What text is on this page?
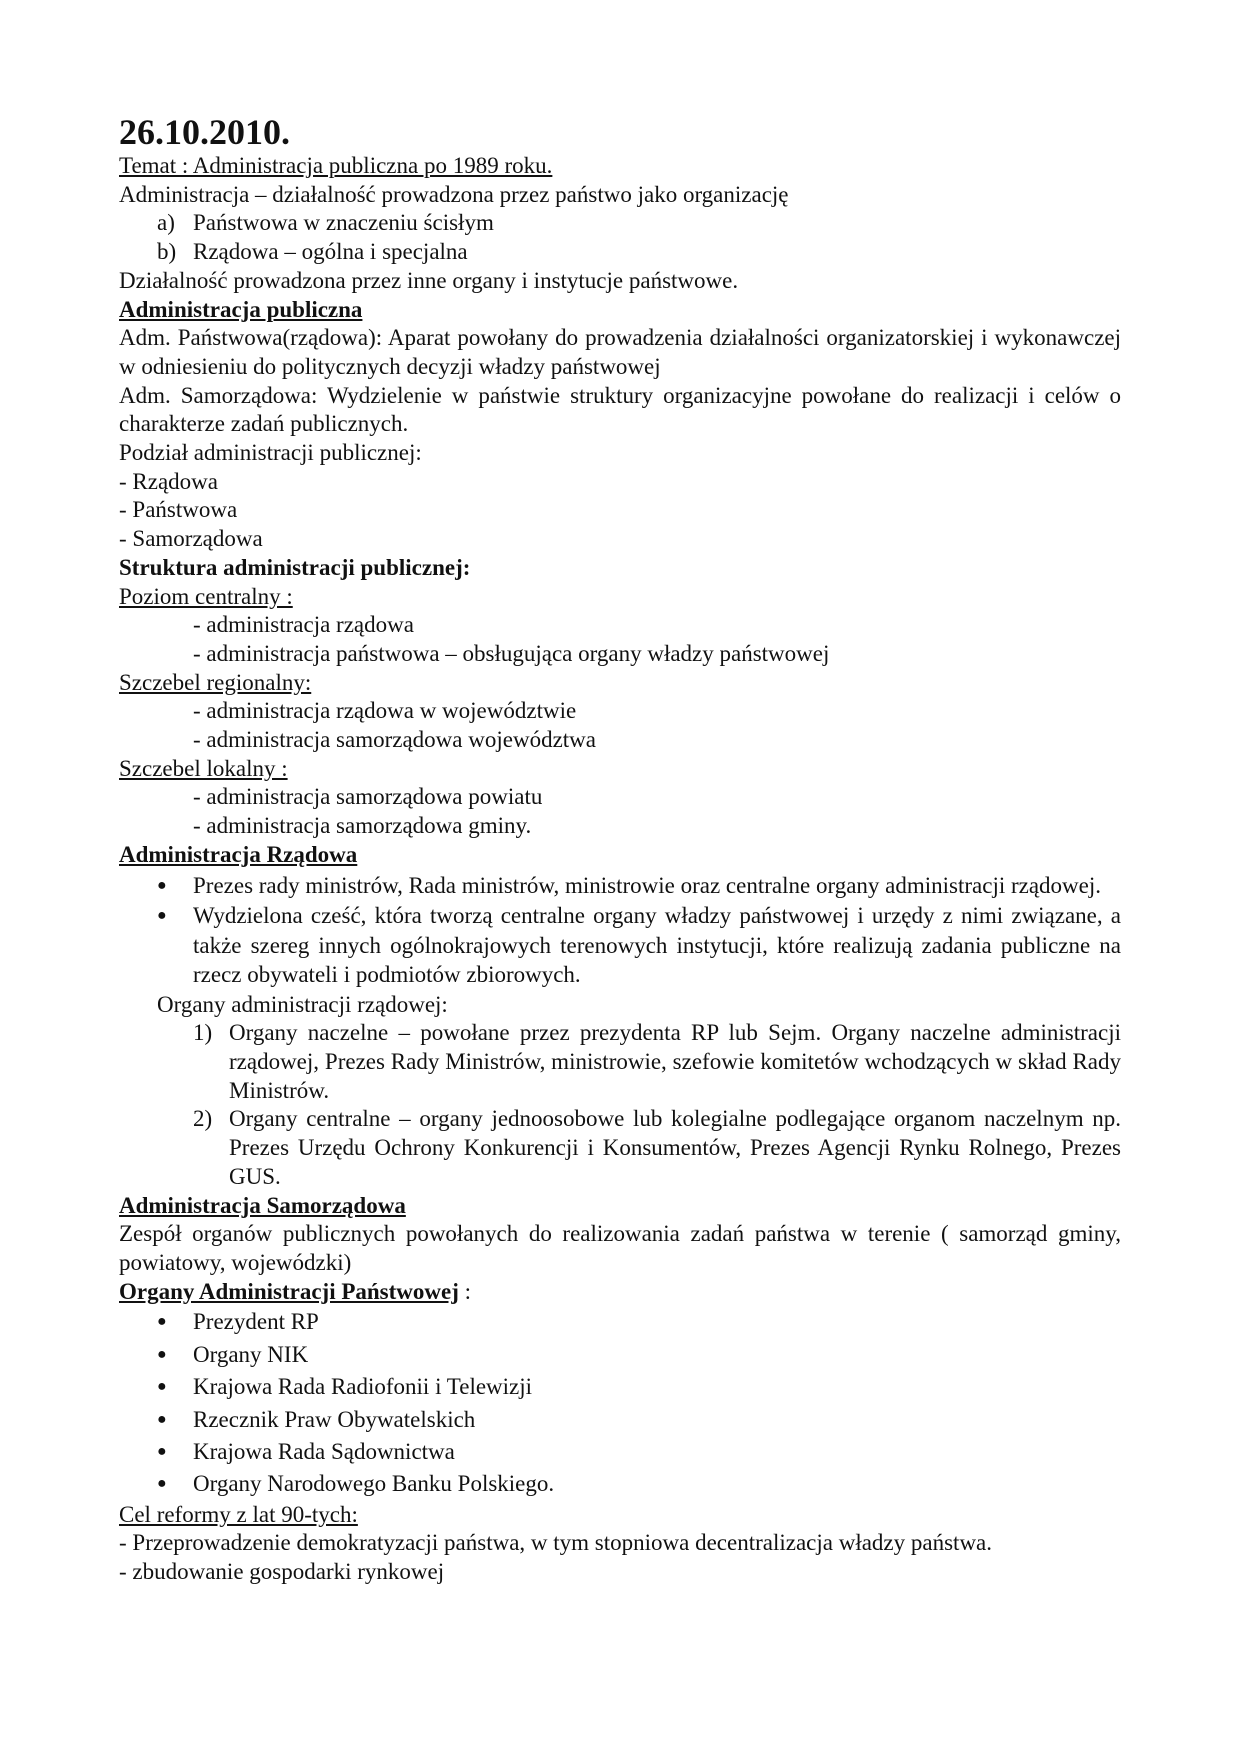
26.10.2010.
Temat : Administracja publiczna po 1989 roku.
Administracja – działalność prowadzona przez państwo jako organizację
a) Państwowa w znaczeniu ścisłym
b) Rządowa – ogólna i specjalna
Działalność prowadzona przez inne organy i instytucje państwowe.
Administracja publiczna
Adm. Państwowa(rządowa): Aparat powołany do prowadzenia działalności organizatorskiej i wykonawczej w odniesieniu do politycznych decyzji władzy państwowej
Adm. Samorządowa: Wydzielenie w państwie struktury organizacyjne powołane do realizacji i celów o charakterze zadań publicznych.
Podział administracji publicznej:
- Rządowa
- Państwowa
- Samorządowa
Struktura administracji publicznej:
Poziom centralny :
- administracja rządowa
- administracja państwowa – obsługująca organy władzy państwowej
Szczebel regionalny:
- administracja rządowa w województwie
- administracja samorządowa województwa
Szczebel lokalny :
- administracja samorządowa powiatu
- administracja samorządowa gminy.
Administracja Rządowa
●	Prezes rady ministrów, Rada ministrów, ministrowie oraz centralne organy administracji rządowej.
●	Wydzielona cześć, która tworzą centralne organy władzy państwowej i urzędy z nimi związane, a także szereg innych ogólnokrajowych terenowych instytucji, które realizują zadania publiczne na rzecz obywateli i podmiotów zbiorowych.
Organy administracji rządowej:
1) Organy naczelne – powołane przez prezydenta RP lub Sejm. Organy naczelne administracji rządowej, Prezes Rady Ministrów, ministrowie, szefowie komitetów wchodzących w skład Rady Ministrów.
2) Organy centralne – organy jednoosobowe lub kolegialne podlegające organom naczelnym np. Prezes Urzędu Ochrony Konkurencji i Konsumentów, Prezes Agencji Rynku Rolnego, Prezes GUS.
Administracja Samorządowa
Zespół organów publicznych powołanych do realizowania zadań państwa w terenie ( samorząd gminy, powiatowy, wojewódzki)
Organy Administracji Państwowej :
●	Prezydent RP
●	Organy NIK
●	Krajowa Rada Radiofonii i Telewizji
●	Rzecznik Praw Obywatelskich
●	Krajowa Rada Sądownictwa
●	Organy Narodowego Banku Polskiego.
Cel reformy z lat 90-tych:
- Przeprowadzenie demokratyzacji państwa, w tym stopniowa decentralizacja władzy państwa.
- zbudowanie gospodarki rynkowej
